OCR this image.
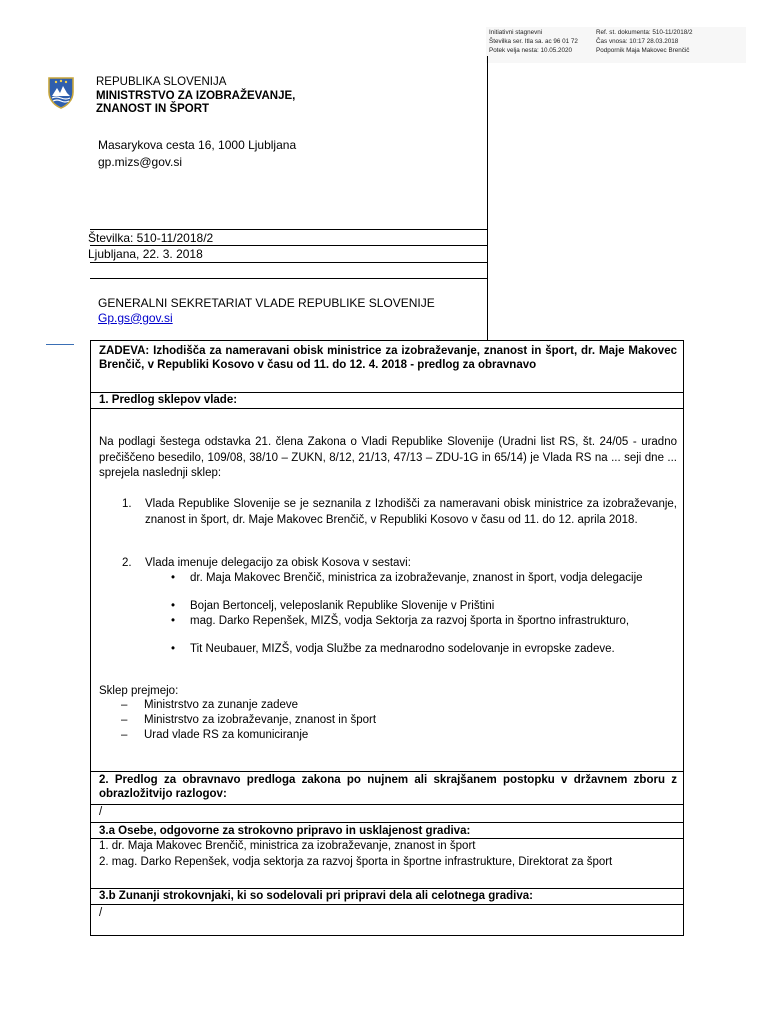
Initiativni stagnevni
Številka ser. Itla sa. ac 96 01 72
Potek velja nesta: 10.05.2020
Ref. st. dokumenta: 510-11/2018/2
Čas vnosa: 10:17 28.03.2018
Podpornik Maja Makovec Brenčič
REPUBLIKA SLOVENIJA
MINISTRSTVO ZA IZOBRAŽEVANJE,
ZNANOST IN ŠPORT
Masarykova cesta 16, 1000 Ljubljana
gp.mizs@gov.si
Številka: 510-11/2018/2
Ljubljana, 22. 3. 2018
GENERALNI SEKRETARIAT VLADE REPUBLIKE SLOVENIJE
Gp.gs@gov.si
ZADEVA: Izhodišča za nameravani obisk ministrice za izobraževanje, znanost in šport, dr. Maje Makovec Brenčič, v Republiki Kosovo v času od 11. do 12. 4. 2018 - predlog za obravnavo
1. Predlog sklepov vlade:
Na podlagi šestega odstavka 21. člena Zakona o Vladi Republike Slovenije (Uradni list RS, št. 24/05 - uradno prečiščeno besedilo, 109/08, 38/10 – ZUKN, 8/12, 21/13, 47/13 – ZDU-1G in 65/14) je Vlada RS na ... seji dne ... sprejela naslednji sklep:
1. Vlada Republike Slovenije se je seznanila z Izhodišči za nameravani obisk ministrice za izobraževanje, znanost in šport, dr. Maje Makovec Brenčič, v Republiki Kosovo v času od 11. do 12. aprila 2018.
2. Vlada imenuje delegacijo za obisk Kosova v sestavi:
• dr. Maja Makovec Brenčič, ministrica za izobraževanje, znanost in šport, vodja delegacije
• Bojan Bertoncelj, veleposlanik Republike Slovenije v Prištini
• mag. Darko Repenšek, MIZŠ, vodja Sektorja za razvoj športa in športno infrastrukturo,
• Tit Neubauer, MIZŠ, vodja Službe za mednarodno sodelovanje in evropske zadeve.
Sklep prejmejo:
– Ministrstvo za zunanje zadeve
– Ministrstvo za izobraževanje, znanost in šport
– Urad vlade RS za komuniciranje
2. Predlog za obravnavo predloga zakona po nujnem ali skrajšanem postopku v državnem zboru z obrazložitvijo razlogov:
/
3.a Osebe, odgovorne za strokovno pripravo in usklajenost gradiva:
1. dr. Maja Makovec Brenčič, ministrica za izobraževanje, znanost in šport
2. mag. Darko Repenšek, vodja sektorja za razvoj športa in športne infrastrukture, Direktorat za šport
3.b Zunanji strokovnjaki, ki so sodelovali pri pripravi dela ali celotnega gradiva:
/
